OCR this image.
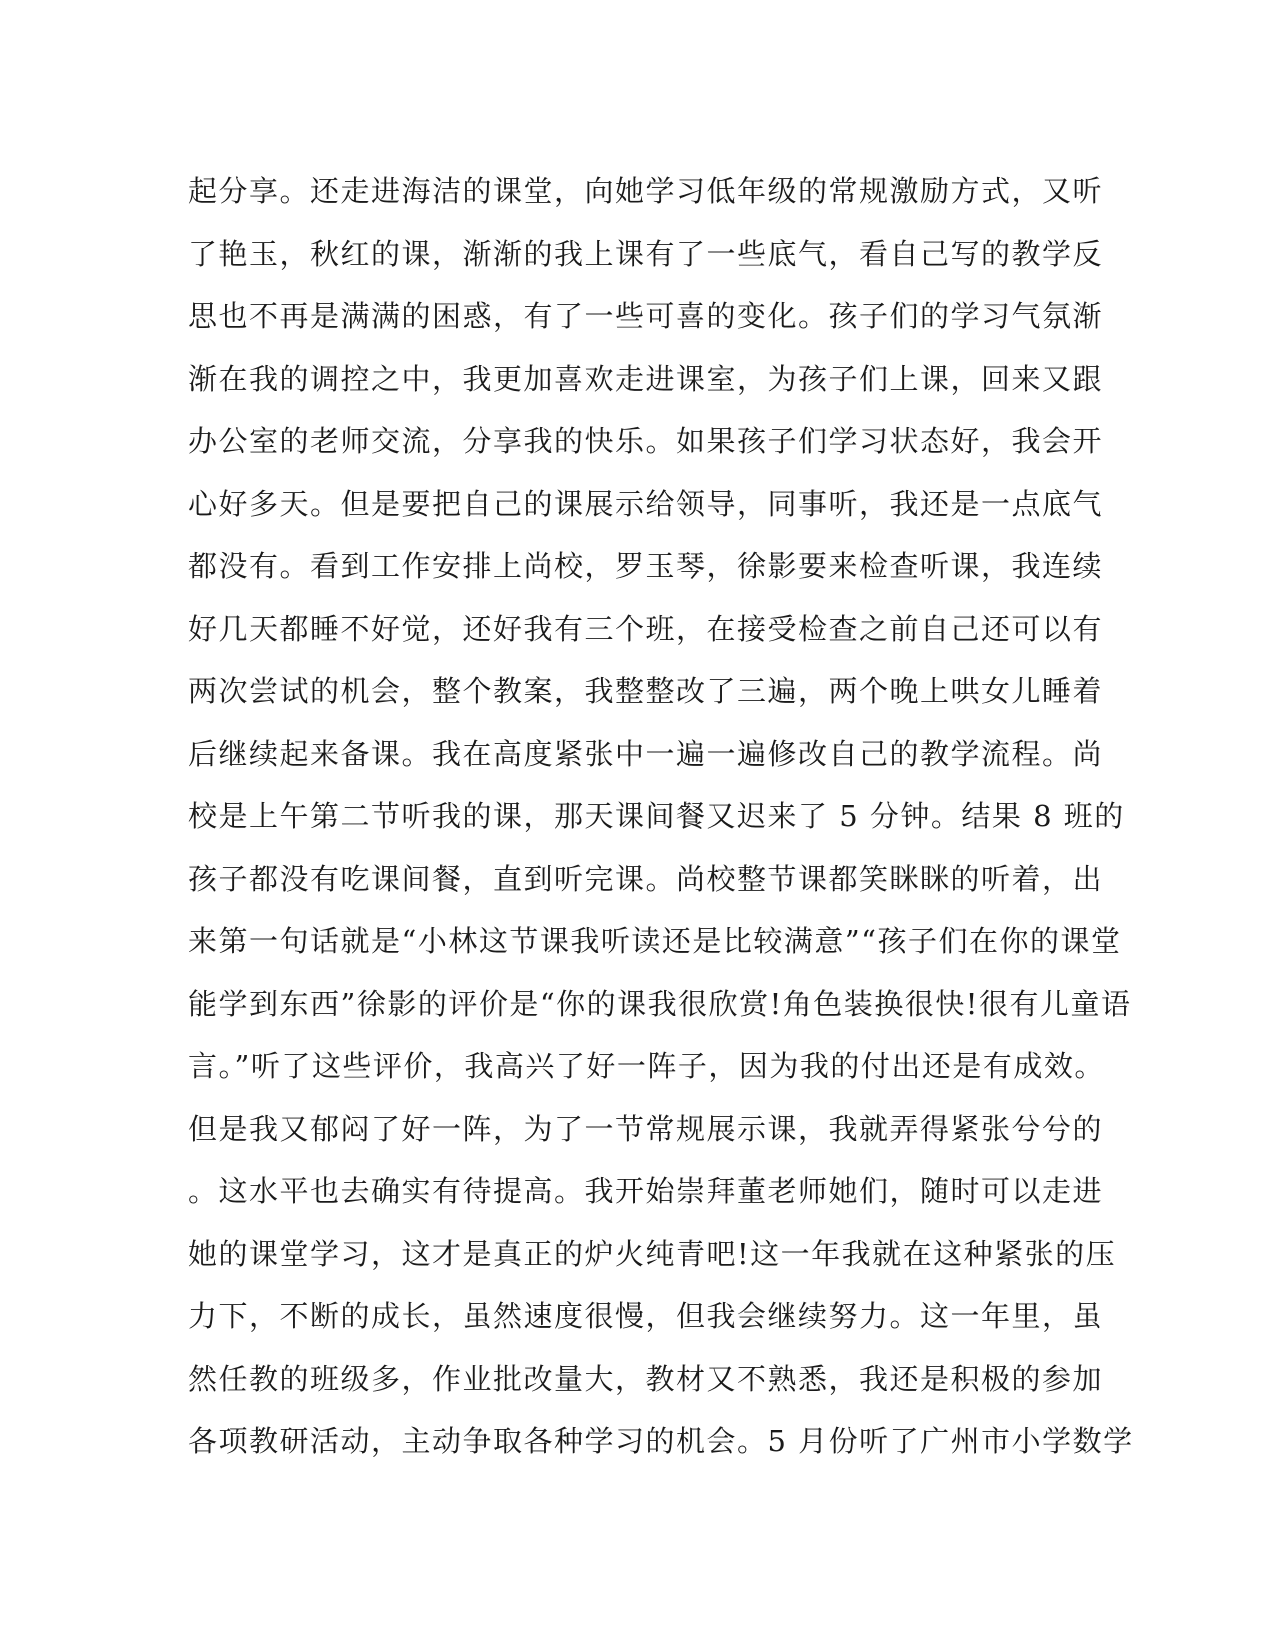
起分享。还走进海洁的课堂，向她学习低年级的常规激励方式，又听
了艳玉，秋红的课，渐渐的我上课有了一些底气，看自己写的教学反
思也不再是满满的困惑，有了一些可喜的变化。孩子们的学习气氛渐
渐在我的调控之中，我更加喜欢走进课室，为孩子们上课，回来又跟
办公室的老师交流，分享我的快乐。如果孩子们学习状态好，我会开
心好多天。但是要把自己的课展示给领导，同事听，我还是一点底气
都没有。看到工作安排上尚校，罗玉琴，徐影要来检查听课，我连续
好几天都睡不好觉，还好我有三个班，在接受检查之前自己还可以有
两次尝试的机会，整个教案，我整整改了三遍，两个晚上哄女儿睡着
后继续起来备课。我在高度紧张中一遍一遍修改自己的教学流程。尚
校是上午第二节听我的课，那天课间餐又迟来了 5 分钟。结果 8 班的
孩子都没有吃课间餐，直到听完课。尚校整节课都笑眯眯的听着，出
来第一句话就是“小林这节课我听读还是比较满意”“孩子们在你的课堂
能学到东西”徐影的评价是“你的课我很欣赏!角色装换很快!很有儿童语
言。”听了这些评价，我高兴了好一阵子，因为我的付出还是有成效。
但是我又郁闷了好一阵，为了一节常规展示课，我就弄得紧张兮兮的
。这水平也去确实有待提高。我开始崇拜董老师她们，随时可以走进
她的课堂学习，这才是真正的炉火纯青吧!这一年我就在这种紧张的压
力下，不断的成长，虽然速度很慢，但我会继续努力。这一年里，虽
然任教的班级多，作业批改量大，教材又不熟悉，我还是积极的参加
各项教研活动，主动争取各种学习的机会。5 月份听了广州市小学数学
